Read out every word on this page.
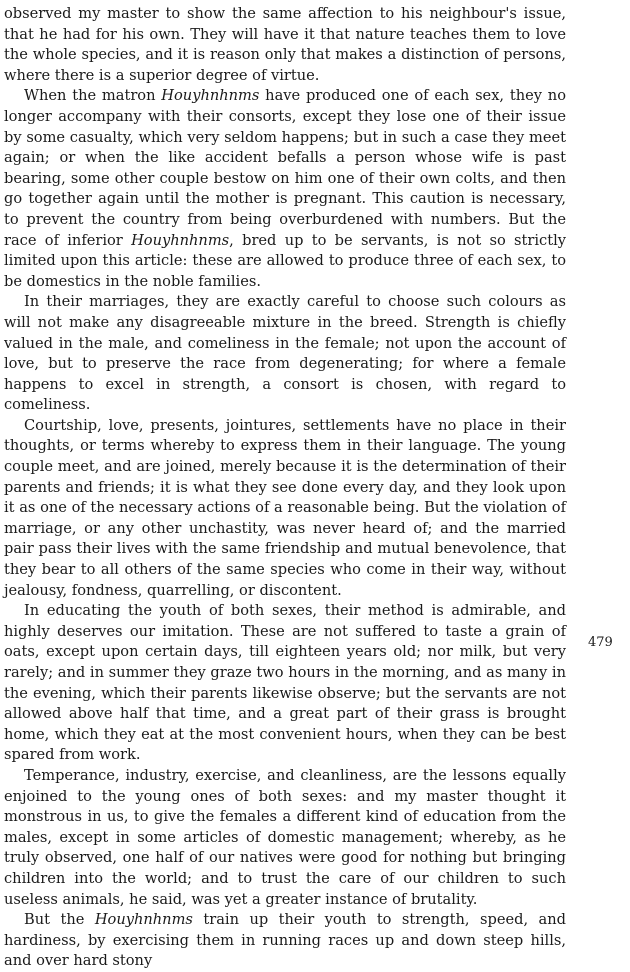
observed my master to show the same affection to his neighbour's issue, that he had for his own. They will have it that nature teaches them to love the whole species, and it is reason only that makes a distinction of persons, where there is a superior degree of virtue.

When the matron Houyhnhnms have produced one of each sex, they no longer accompany with their consorts, except they lose one of their issue by some casualty, which very seldom happens; but in such a case they meet again; or when the like accident befalls a person whose wife is past bearing, some other couple bestow on him one of their own colts, and then go together again until the mother is pregnant. This caution is necessary, to prevent the country from being overburdened with numbers. But the race of inferior Houyhnhnms, bred up to be servants, is not so strictly limited upon this article: these are allowed to produce three of each sex, to be domestics in the noble families.

In their marriages, they are exactly careful to choose such colours as will not make any disagreeable mixture in the breed. Strength is chiefly valued in the male, and comeliness in the female; not upon the account of love, but to preserve the race from degenerating; for where a female happens to excel in strength, a consort is chosen, with regard to comeliness.

Courtship, love, presents, jointures, settlements have no place in their thoughts, or terms whereby to express them in their language. The young couple meet, and are joined, merely because it is the determination of their parents and friends; it is what they see done every day, and they look upon it as one of the necessary actions of a reasonable being. But the violation of marriage, or any other unchastity, was never heard of; and the married pair pass their lives with the same friendship and mutual benevolence, that they bear to all others of the same species who come in their way, without jealousy, fondness, quarrelling, or discontent.

In educating the youth of both sexes, their method is admirable, and highly deserves our imitation. These are not suffered to taste a grain of oats, except upon certain days, till eighteen years old; nor milk, but very rarely; and in summer they graze two hours in the morning, and as many in the evening, which their parents likewise observe; but the servants are not allowed above half that time, and a great part of their grass is brought home, which they eat at the most convenient hours, when they can be best spared from work.

Temperance, industry, exercise, and cleanliness, are the lessons equally enjoined to the young ones of both sexes: and my master thought it monstrous in us, to give the females a different kind of education from the males, except in some articles of domestic management; whereby, as he truly observed, one half of our natives were good for nothing but bringing children into the world; and to trust the care of our children to such useless animals, he said, was yet a greater instance of brutality.

But the Houyhnhnms train up their youth to strength, speed, and hardiness, by exercising them in running races up and down steep hills, and over hard stony

479
